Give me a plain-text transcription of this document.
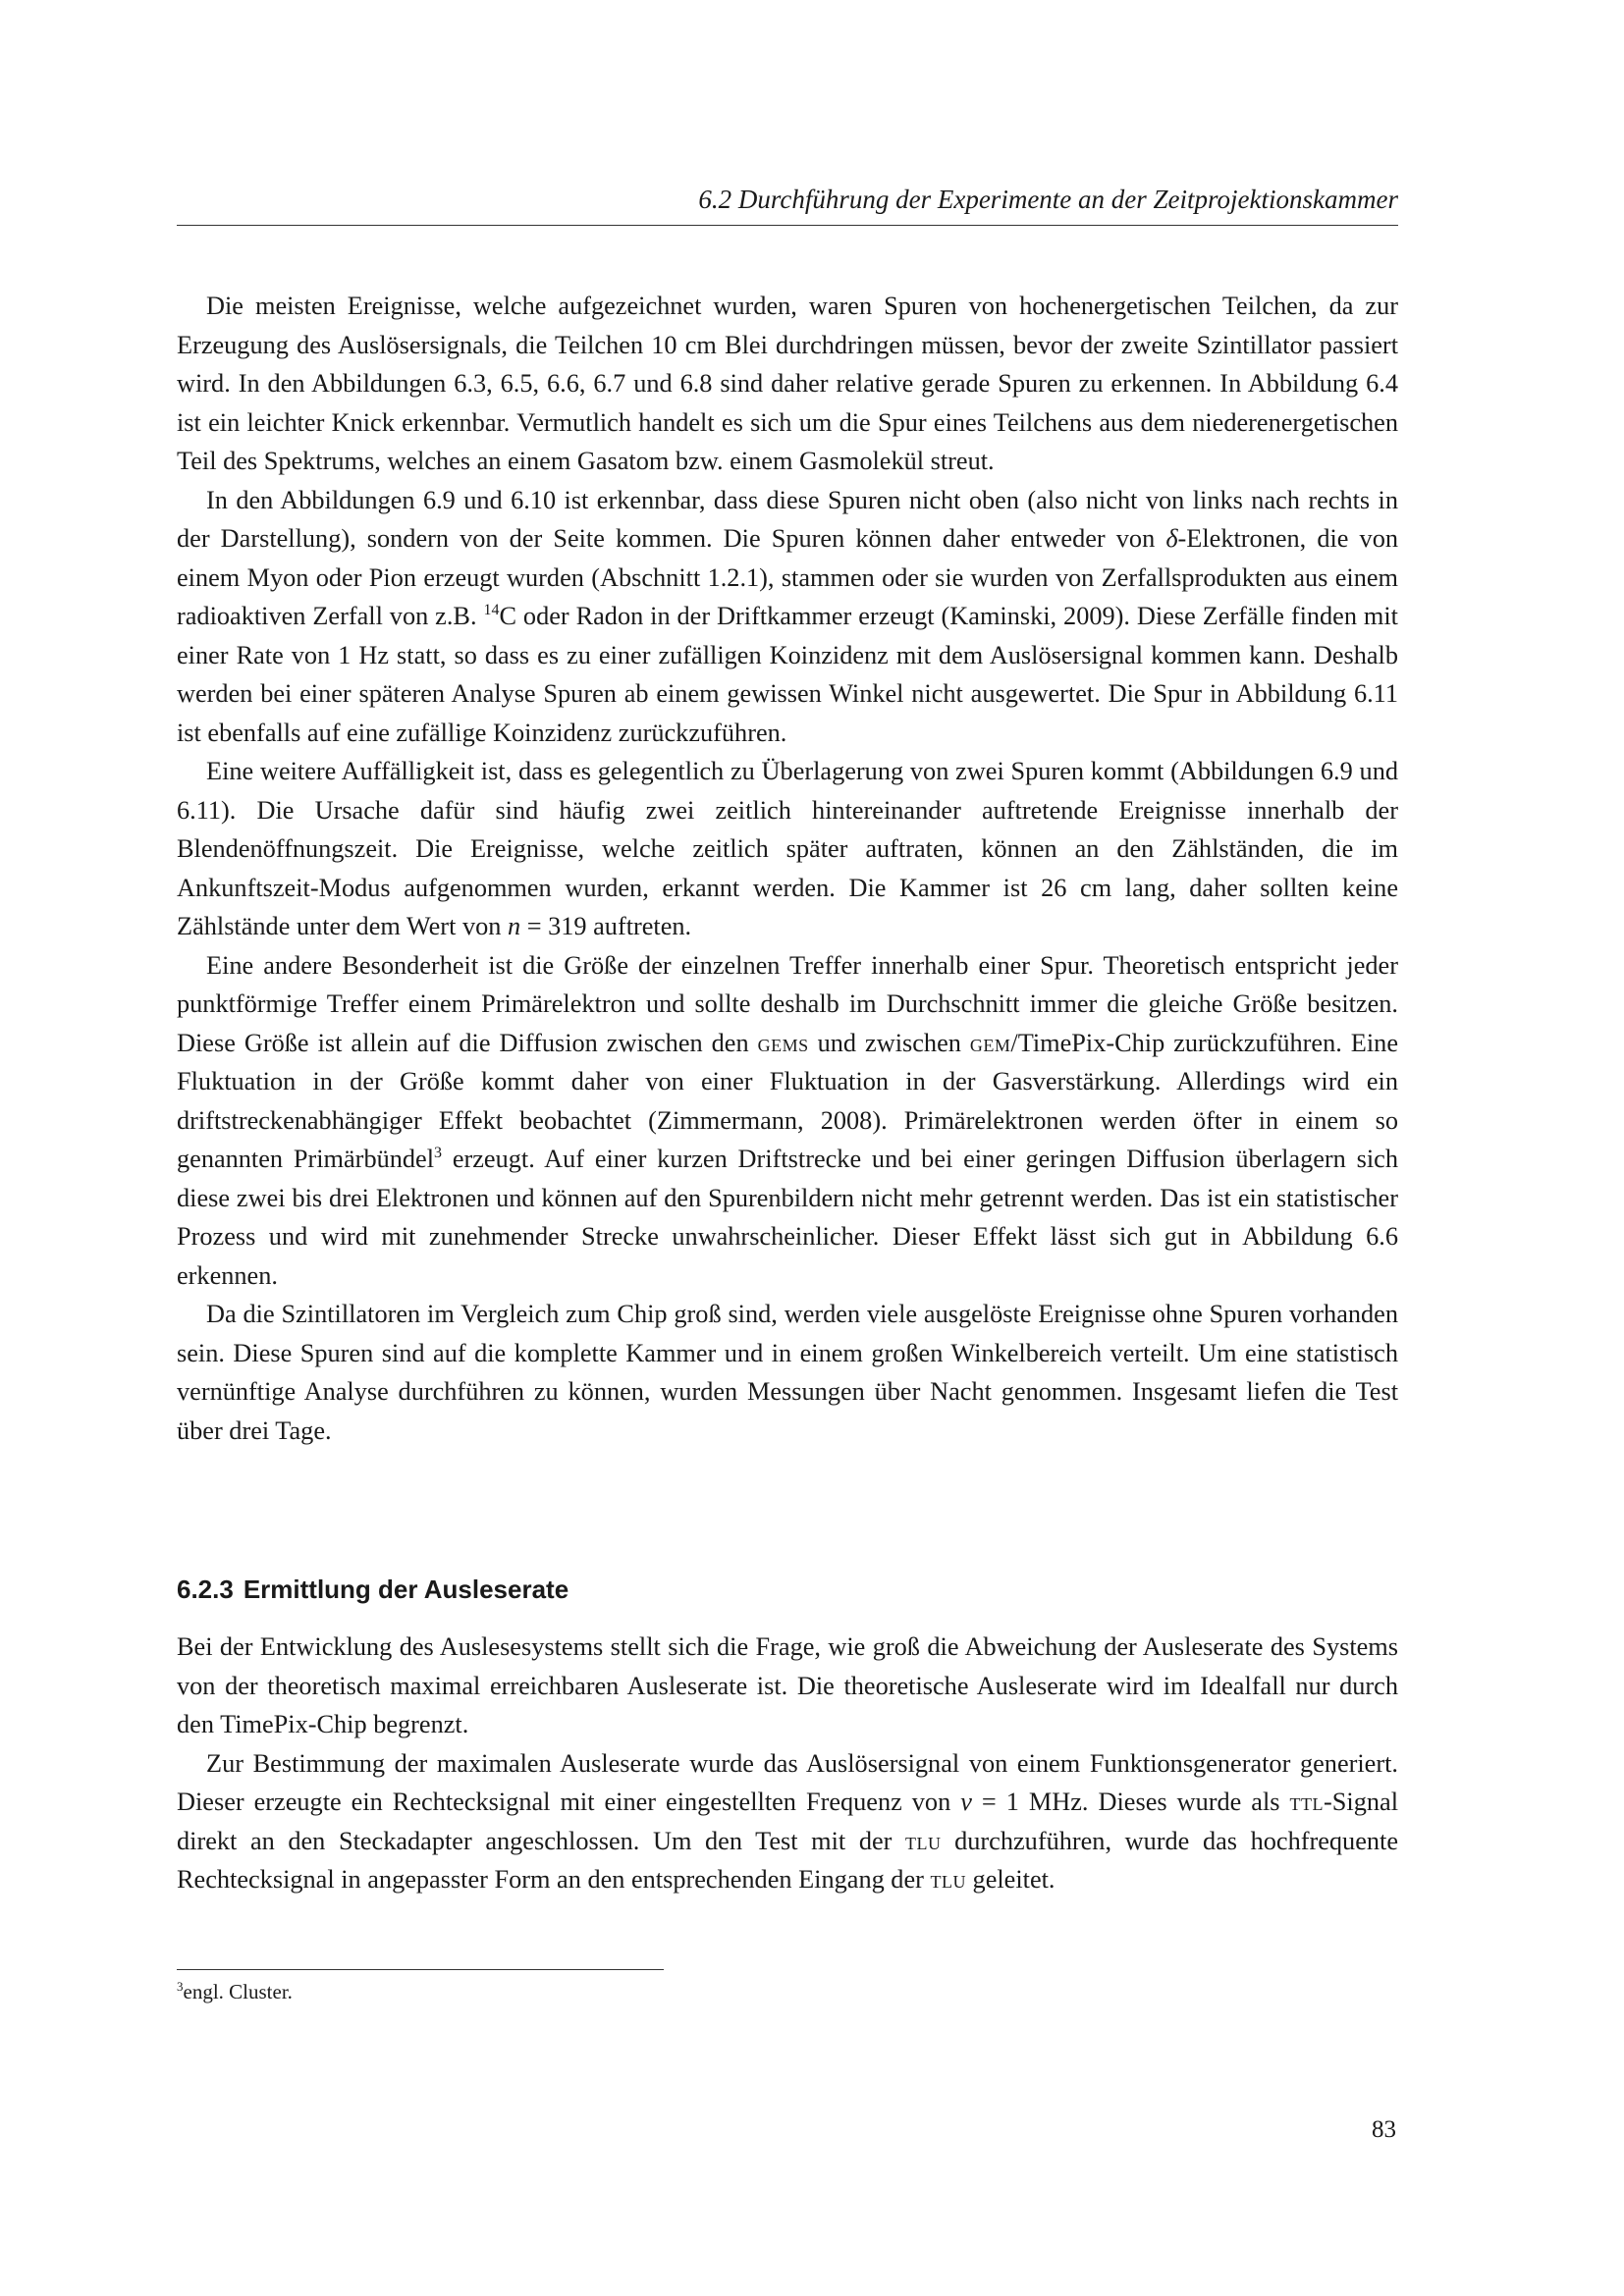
6.2 Durchführung der Experimente an der Zeitprojektionskammer

Die meisten Ereignisse, welche aufgezeichnet wurden, waren Spuren von hochenergetischen Teilchen, da zur Erzeugung des Auslösersignals, die Teilchen 10 cm Blei durchdringen müssen, bevor der zweite Szintillator passiert wird. In den Abbildungen 6.3, 6.5, 6.6, 6.7 und 6.8 sind daher relative gerade Spuren zu erkennen. In Abbildung 6.4 ist ein leichter Knick erkennbar. Vermutlich handelt es sich um die Spur eines Teilchens aus dem niederenergetischen Teil des Spektrums, welches an einem Gasatom bzw. einem Gasmolekül streut.

In den Abbildungen 6.9 und 6.10 ist erkennbar, dass diese Spuren nicht oben (also nicht von links nach rechts in der Darstellung), sondern von der Seite kommen. Die Spuren können daher entweder von δ-Elektronen, die von einem Myon oder Pion erzeugt wurden (Abschnitt 1.2.1), stammen oder sie wurden von Zerfallsprodukten aus einem radioaktiven Zerfall von z.B. $^{14}$C oder Radon in der Driftkammer erzeugt (Kaminski, 2009). Diese Zerfälle finden mit einer Rate von 1 Hz statt, so dass es zu einer zufälligen Koinzidenz mit dem Auslösersignal kommen kann. Deshalb werden bei einer späteren Analyse Spuren ab einem gewissen Winkel nicht ausgewertet. Die Spur in Abbildung 6.11 ist ebenfalls auf eine zufällige Koinzidenz zurückzuführen.

Eine weitere Auffälligkeit ist, dass es gelegentlich zu Überlagerung von zwei Spuren kommt (Abbildungen 6.9 und 6.11). Die Ursache dafür sind häufig zwei zeitlich hintereinander auftretende Ereignisse innerhalb der Blendenöffnungszeit. Die Ereignisse, welche zeitlich später auftraten, können an den Zählständen, die im Ankunftszeit-Modus aufgenommen wurden, erkannt werden. Die Kammer ist 26 cm lang, daher sollten keine Zählstände unter dem Wert von n = 319 auftreten.

Eine andere Besonderheit ist die Größe der einzelnen Treffer innerhalb einer Spur. Theoretisch entspricht jeder punktförmige Treffer einem Primärelektron und sollte deshalb im Durchschnitt immer die gleiche Größe besitzen. Diese Größe ist allein auf die Diffusion zwischen den gems und zwischen gem/TimePix-Chip zurückzuführen. Eine Fluktuation in der Größe kommt daher von einer Fluktuation in der Gasverstärkung. Allerdings wird ein driftstreckenabhängiger Effekt beobachtet (Zimmermann, 2008). Primärelektronen werden öfter in einem so genannten Primärbündel$^3$ erzeugt. Auf einer kurzen Driftstrecke und bei einer geringen Diffusion überlagern sich diese zwei bis drei Elektronen und können auf den Spurenbildern nicht mehr getrennt werden. Das ist ein statistischer Prozess und wird mit zunehmender Strecke unwahrscheinlicher. Dieser Effekt lässt sich gut in Abbildung 6.6 erkennen.

Da die Szintillatoren im Vergleich zum Chip groß sind, werden viele ausgelöste Ereignisse ohne Spuren vorhanden sein. Diese Spuren sind auf die komplette Kammer und in einem großen Winkelbereich verteilt. Um eine statistisch vernünftige Analyse durchführen zu können, wurden Messungen über Nacht genommen. Insgesamt liefen die Test über drei Tage.

6.2.3 Ermittlung der Ausleserate

Bei der Entwicklung des Auslesesystems stellt sich die Frage, wie groß die Abweichung der Ausleserate des Systems von der theoretisch maximal erreichbaren Ausleserate ist. Die theoretische Ausleserate wird im Idealfall nur durch den TimePix-Chip begrenzt.

Zur Bestimmung der maximalen Ausleserate wurde das Auslösersignal von einem Funktionsgenerator generiert. Dieser erzeugte ein Rechtecksignal mit einer eingestellten Frequenz von ν = 1 MHz. Dieses wurde als ttl-Signal direkt an den Steckadapter angeschlossen. Um den Test mit der tlu durchzuführen, wurde das hochfrequente Rechtecksignal in angepasster Form an den entsprechenden Eingang der tlu geleitet.

$^3$engl. Cluster.
83
